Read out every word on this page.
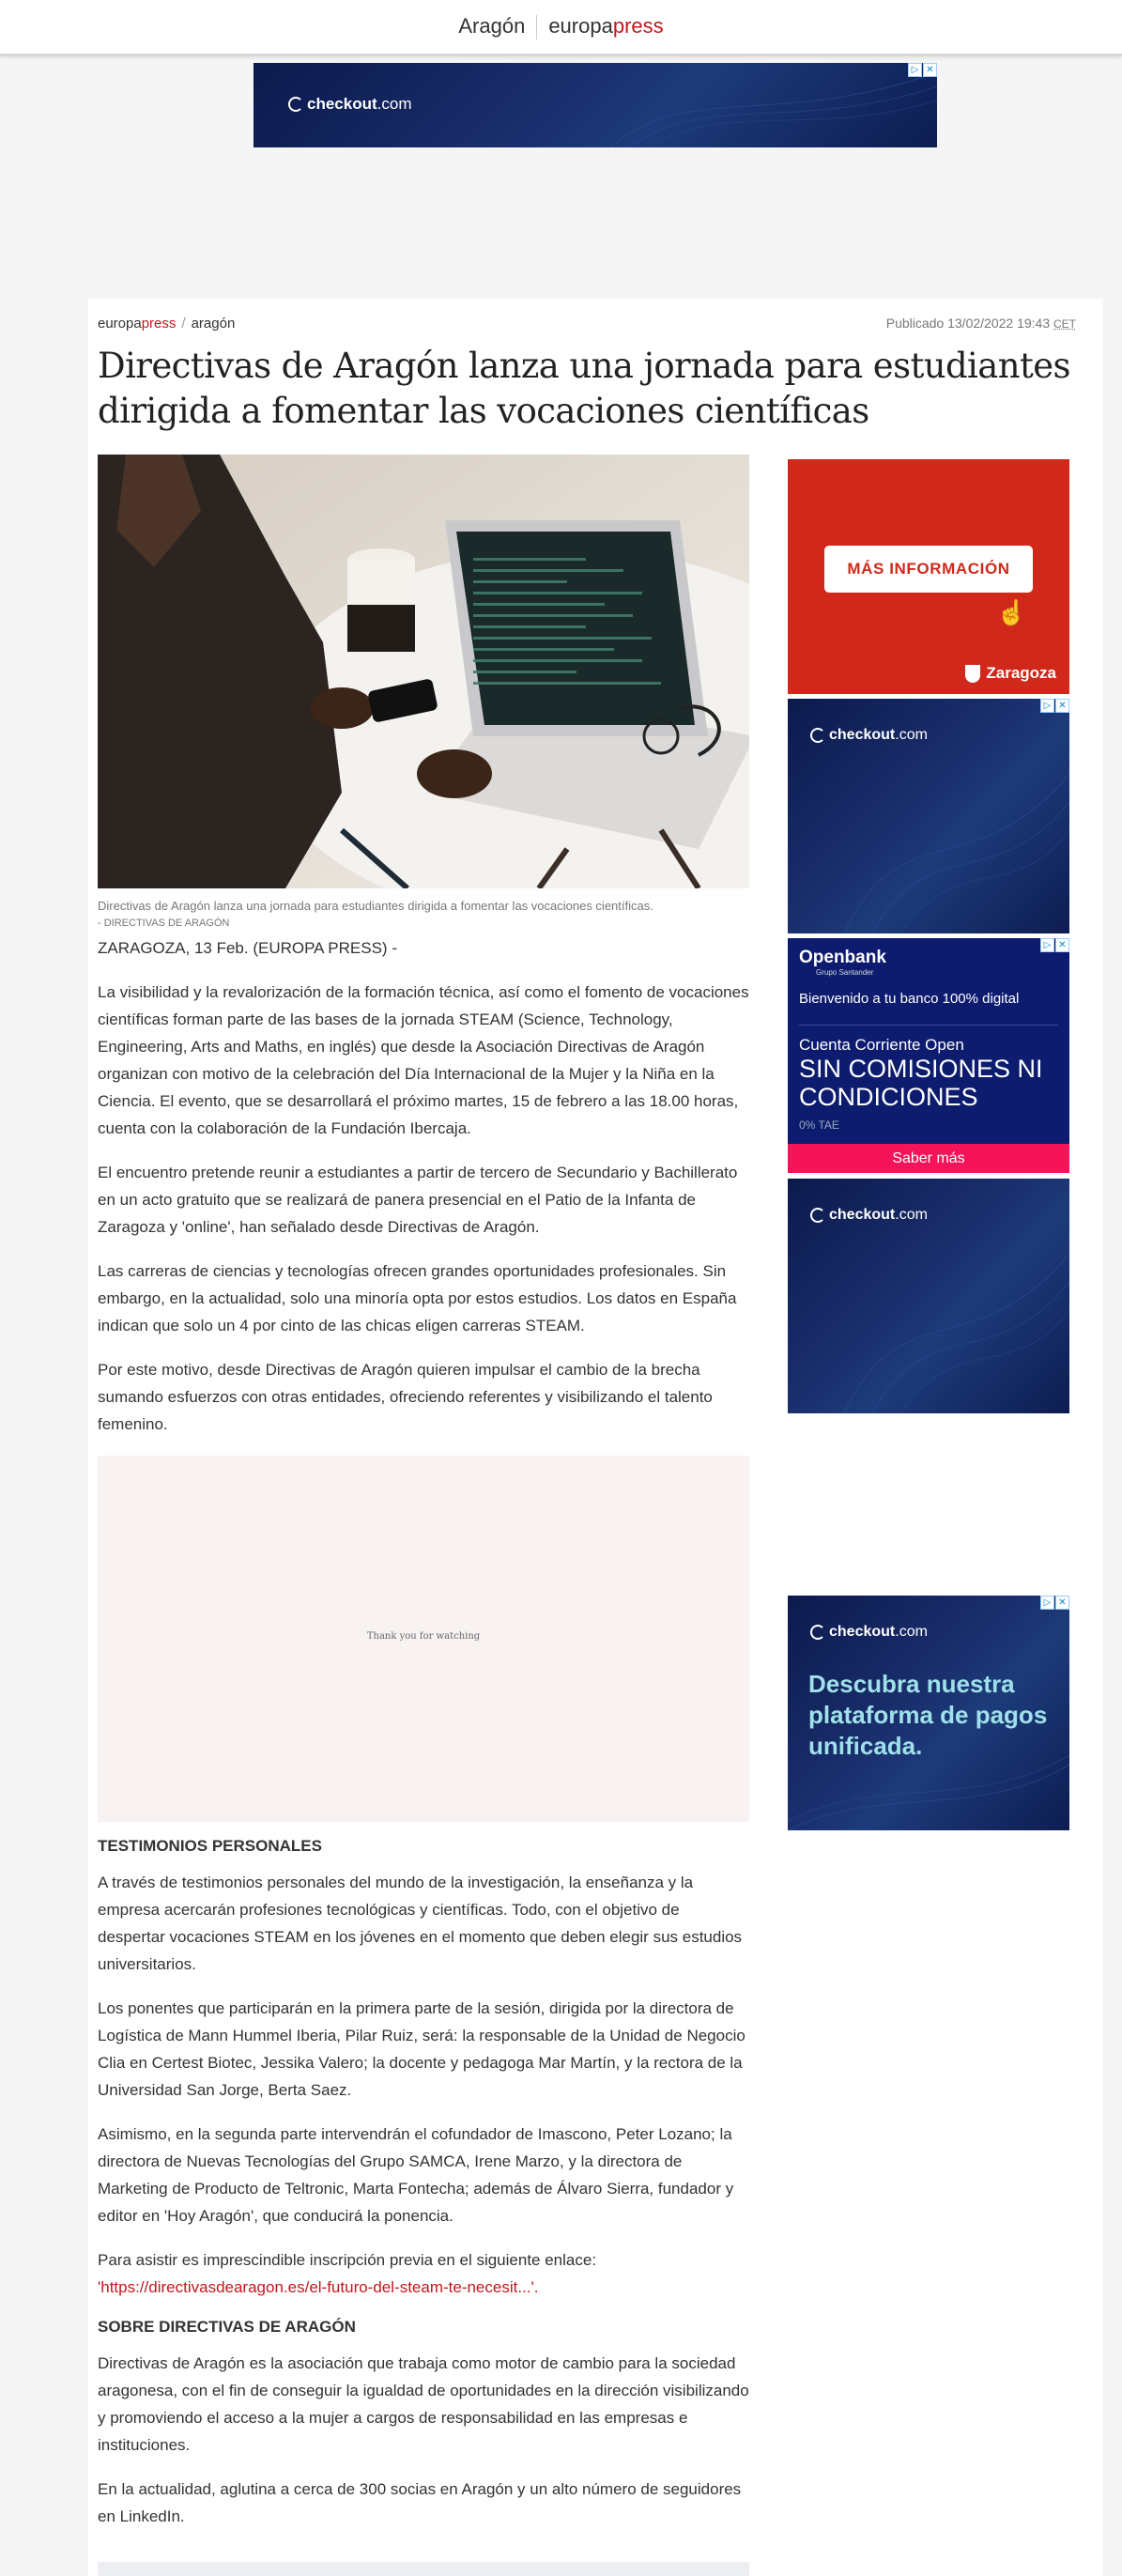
Aragón europapress
checkout .com
▷ ✕
europapress / aragón	Publicado 13/02/2022 19:43 CET
Directivas de Aragón lanza una jornada para estudiantes dirigida a fomentar las vocaciones científicas
Directivas de Aragón lanza una jornada para estudiantes dirigida a fomentar las vocaciones científicas.
- DIRECTIVAS DE ARAGÓN

ZARAGOZA, 13 Feb. (EUROPA PRESS) -

La visibilidad y la revalorización de la formación técnica, así como el fomento de vocaciones científicas forman parte de las bases de la jornada STEAM (Science, Technology, Engineering, Arts and Maths, en inglés) que desde la Asociación Directivas de Aragón organizan con motivo de la celebración del Día Internacional de la Mujer y la Niña en la Ciencia. El evento, que se desarrollará el próximo martes, 15 de febrero a las 18.00 horas, cuenta con la colaboración de la Fundación Ibercaja.

El encuentro pretende reunir a estudiantes a partir de tercero de Secundario y Bachillerato en un acto gratuito que se realizará de panera presencial en el Patio de la Infanta de Zaragoza y 'online', han señalado desde Directivas de Aragón.

Las carreras de ciencias y tecnologías ofrecen grandes oportunidades profesionales. Sin embargo, en la actualidad, solo una minoría opta por estos estudios. Los datos en España indican que solo un 4 por cinto de las chicas eligen carreras STEAM.

Por este motivo, desde Directivas de Aragón quieren impulsar el cambio de la brecha sumando esfuerzos con otras entidades, ofreciendo referentes y visibilizando el talento femenino.

Thank you for watching
TESTIMONIOS PERSONALES

A través de testimonios personales del mundo de la investigación, la enseñanza y la empresa acercarán profesiones tecnológicas y científicas. Todo, con el objetivo de despertar vocaciones STEAM en los jóvenes en el momento que deben elegir sus estudios universitarios.

Los ponentes que participarán en la primera parte de la sesión, dirigida por la directora de Logística de Mann Hummel Iberia, Pilar Ruiz, será: la responsable de la Unidad de Negocio Clia en Certest Biotec, Jessika Valero; la docente y pedagoga Mar Martín, y la rectora de la Universidad San Jorge, Berta Saez.

Asimismo, en la segunda parte intervendrán el cofundador de Imascono, Peter Lozano; la directora de Nuevas Tecnologías del Grupo SAMCA, Irene Marzo, y la directora de Marketing de Producto de Teltronic, Marta Fontecha; además de Álvaro Sierra, fundador y editor en 'Hoy Aragón', que conducirá la ponencia.

Para asistir es imprescindible inscripción previa en el siguiente enlace:
'https://directivasdearagon.es/el-futuro-del-steam-te-necesit...'.

SOBRE DIRECTIVAS DE ARAGÓN

Directivas de Aragón es la asociación que trabaja como motor de cambio para la sociedad aragonesa, con el fin de conseguir la igualdad de oportunidades en la dirección visibilizando y promoviendo el acceso a la mujer a cargos de responsabilidad en las empresas e instituciones.

En la actualidad, aglutina a cerca de 300 socias en Aragón y un alto número de seguidores en LinkedIn.

MÁS INFORMACIÓN
☝
Zaragoza
checkout .com
▷ ✕
Openbank
Grupo Santander
Bienvenido a tu banco 100% digital
Cuenta Corriente Open
SIN COMISIONES NI CONDICIONES
0% TAE
Saber más
▷ ✕
checkout .com
checkout .com
Descubra nuestra plataforma de pagos unificada.
▷ ✕
